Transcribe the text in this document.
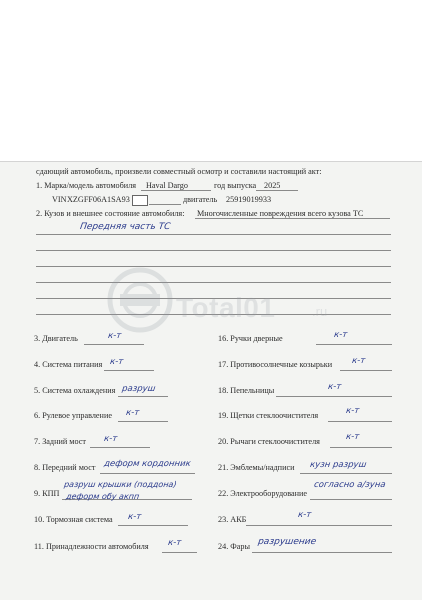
сдающий автомобиль, произвели совместный осмотр и составили настоящий акт:
1. Марка/модель автомобиля Haval Dargo	год выпуска 2025
VIN XZGFF06A1SA93	двигатель 25919019933
2. Кузов и внешнее состояние автомобиля: Многочисленные повреждения всего кузова ТС
Передняя часть ТС
Total01	.ru
3. Двигатель	к-т
4. Система питания к-т
5. Система охлаждения разруш
6. Рулевое управление к-т
7. Задний мост к-т
8. Передний мост деформ кордонник
9. КПП
разруш крышки (поддона)
деформ обу акпп
10. Тормозная система к-т
11. Принадлежности автомобиля к-т
16. Ручки дверные	к-т
17. Противосолнечные козырьки к-т
18. Пепельницы	к-т
19. Щетки стеклоочистителя	к-т
20. Рычаги стеклоочистителя	к-т
21. Эмблемы/надписи кузн разруш
22. Электрооборудование
согласно а/зуна
23. АКБ	к-т
24. Фары разрушение
